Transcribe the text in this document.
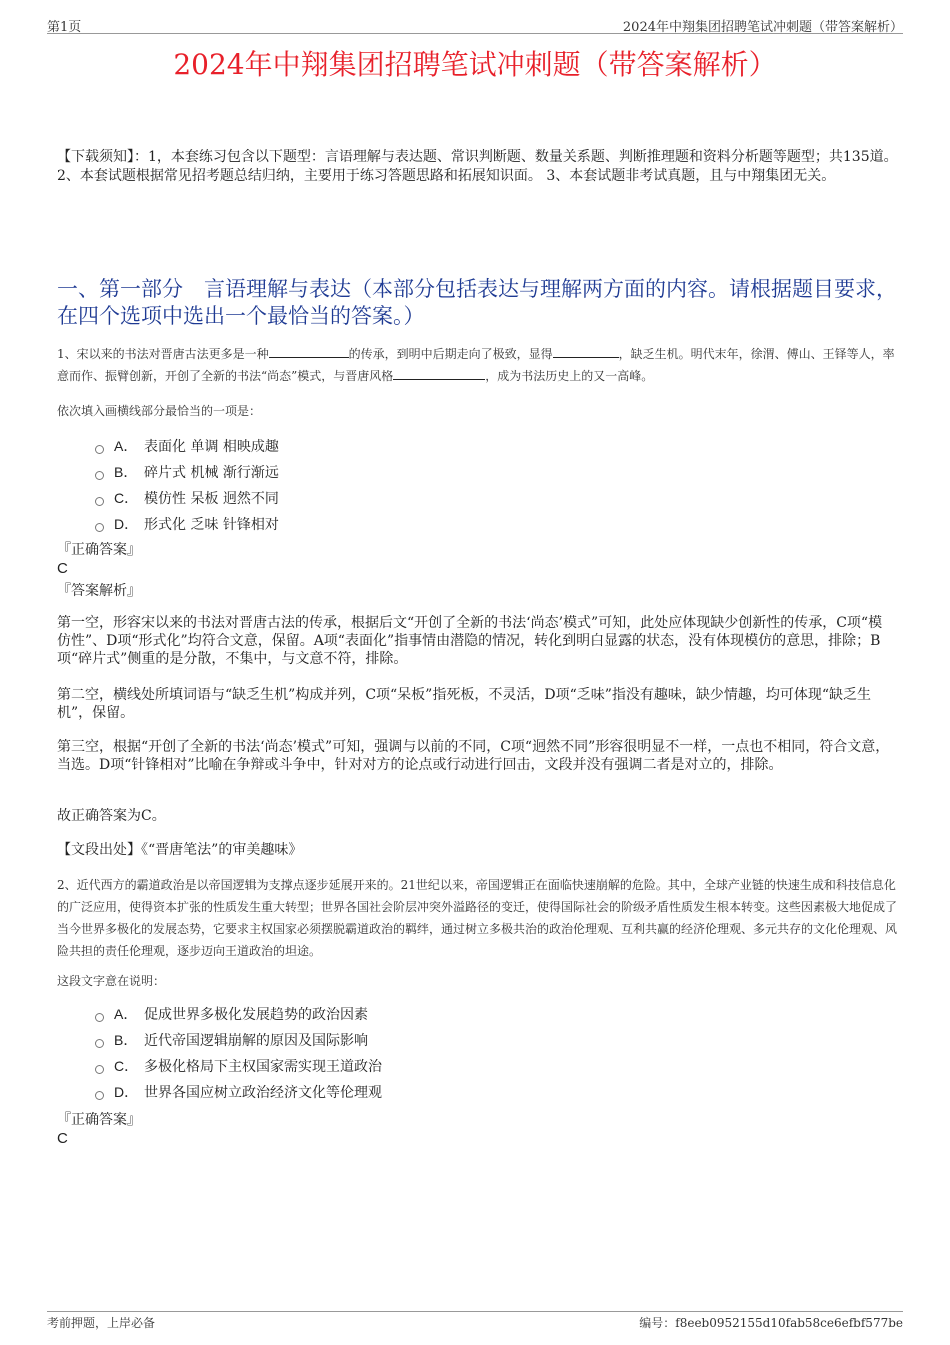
第1页	2024年中翔集团招聘笔试冲刺题（带答案解析）
2024年中翔集团招聘笔试冲刺题（带答案解析）
【下载须知】：1，本套练习包含以下题型：言语理解与表达题、常识判断题、数量关系题、判断推理题和资料分析题等题型；共135道。 2、本套试题根据常见招考题总结归纳，主要用于练习答题思路和拓展知识面。 3、本套试题非考试真题，且与中翔集团无关。
一、第一部分　言语理解与表达（本部分包括表达与理解两方面的内容。请根据题目要求，在四个选项中选出一个最恰当的答案。）
1、宋以来的书法对晋唐古法更多是一种	的传承，到明中后期走向了极致，显得	，缺乏生机。明代末年，徐渭、傅山、王铎等人，率意而作、振臂创新，开创了全新的书法“尚态”模式，与晋唐风格	，成为书法历史上的又一高峰。
依次填入画横线部分最恰当的一项是：
A． 表面化 单调 相映成趣
B． 碎片式 机械 渐行渐远
C． 模仿性 呆板 迥然不同
D． 形式化 乏味 针锋相对
『正确答案』
C
『答案解析』
第一空，形容宋以来的书法对晋唐古法的传承，根据后文“开创了全新的书法‘尚态’模式”可知，此处应体现缺少创新性的传承，C项“模仿性”、D项“形式化”均符合文意，保留。A项“表面化”指事情由潜隐的情况，转化到明白显露的状态，没有体现模仿的意思，排除；B项“碎片式”侧重的是分散，不集中，与文意不符，排除。
第二空，横线处所填词语与“缺乏生机”构成并列，C项“呆板”指死板，不灵活，D项“乏味”指没有趣味，缺少情趣，均可体现“缺乏生机”，保留。
第三空，根据“开创了全新的书法‘尚态’模式”可知，强调与以前的不同，C项“迥然不同”形容很明显不一样，一点也不相同，符合文意，当选。D项“针锋相对”比喻在争辩或斗争中，针对对方的论点或行动进行回击，文段并没有强调二者是对立的，排除。
故正确答案为C。
【文段出处】《“晋唐笔法”的审美趣味》
2、近代西方的霸道政治是以帝国逻辑为支撑点逐步延展开来的。21世纪以来，帝国逻辑正在面临快速崩解的危险。其中，全球产业链的快速生成和科技信息化的广泛应用，使得资本扩张的性质发生重大转型；世界各国社会阶层冲突外溢路径的变迁，使得国际社会的阶级矛盾性质发生根本转变。这些因素极大地促成了当今世界多极化的发展态势，它要求主权国家必须摆脱霸道政治的羁绊，通过树立多极共治的政治伦理观、互利共赢的经济伦理观、多元共存的文化伦理观、风险共担的责任伦理观，逐步迈向王道政治的坦途。
这段文字意在说明：
A． 促成世界多极化发展趋势的政治因素
B． 近代帝国逻辑崩解的原因及国际影响
C． 多极化格局下主权国家需实现王道政治
D． 世界各国应树立政治经济文化等伦理观
『正确答案』
C
考前押题，上岸必备	编号：f8eeb0952155d10fab58ce6efbf577be
